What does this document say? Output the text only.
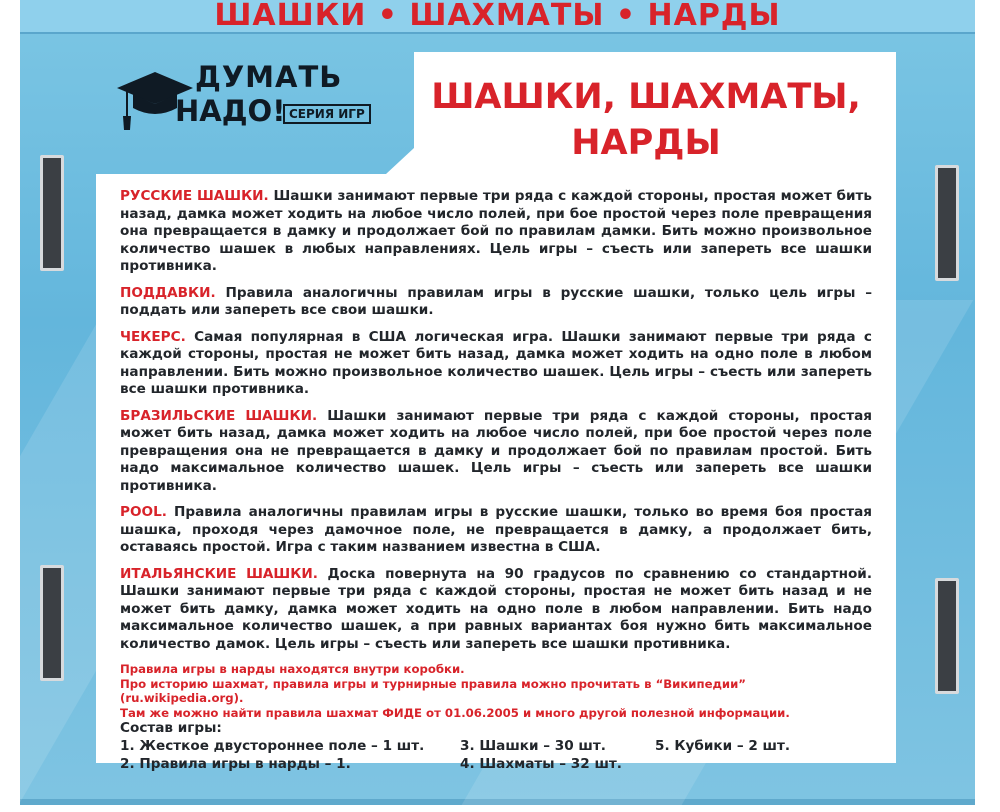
ШАШКИ • ШАХМАТЫ • НАРДЫ
ДУМАТЬ
НАДО! СЕРИЯ ИГР	ШАШКИ, ШАХМАТЫ,
НАРДЫ

РУССКИЕ ШАШКИ. Шашки занимают первые три ряда с каждой стороны, простая может бить назад, дамка может ходить на любое число полей, при бое простой через поле превращения она превращается в дамку и продолжает бой по правилам дамки. Бить можно произвольное количество шашек в любых направлениях. Цель игры – съесть или запереть все шашки противника.

ПОДДАВКИ. Правила аналогичны правилам игры в русские шашки, только цель игры – поддать или запереть все свои шашки.

ЧЕКЕРС. Самая популярная в США логическая игра. Шашки занимают первые три ряда с каждой стороны, простая не может бить назад, дамка может ходить на одно поле в любом направлении. Бить можно произвольное количество шашек. Цель игры – съесть или запереть все шашки противника.

БРАЗИЛЬСКИЕ ШАШКИ. Шашки занимают первые три ряда с каждой стороны, простая может бить назад, дамка может ходить на любое число полей, при бое простой через поле превращения она не превращается в дамку и продолжает бой по правилам простой. Бить надо максимальное количество шашек. Цель игры – съесть или запереть все шашки противника.

POOL. Правила аналогичны правилам игры в русские шашки, только во время боя простая шашка, проходя через дамочное поле, не превращается в дамку, а продолжает бить, оставаясь простой. Игра с таким названием известна в США.

ИТАЛЬЯНСКИЕ ШАШКИ. Доска повернута на 90 градусов по сравнению со стандартной. Шашки занимают первые три ряда с каждой стороны, простая не может бить назад и не может бить дамку, дамка может ходить на одно поле в любом направлении. Бить надо максимальное количество шашек, а при равных вариантах боя нужно бить максимальное количество дамок. Цель игры – съесть или запереть все шашки противника.

Правила игры в нарды находятся внутри коробки.

Про историю шахмат, правила игры и турнирные правила можно прочитать в “Википедии” (ru.wikipedia.org).

Там же можно найти правила шахмат ФИДЕ от 01.06.2005 и много другой полезной информации.

Состав игры:

1. Жесткое двустороннее поле – 1 шт.
2. Правила игры в нарды – 1.
3. Шашки – 30 шт.
4. Шахматы – 32 шт.
5. Кубики – 2 шт.
